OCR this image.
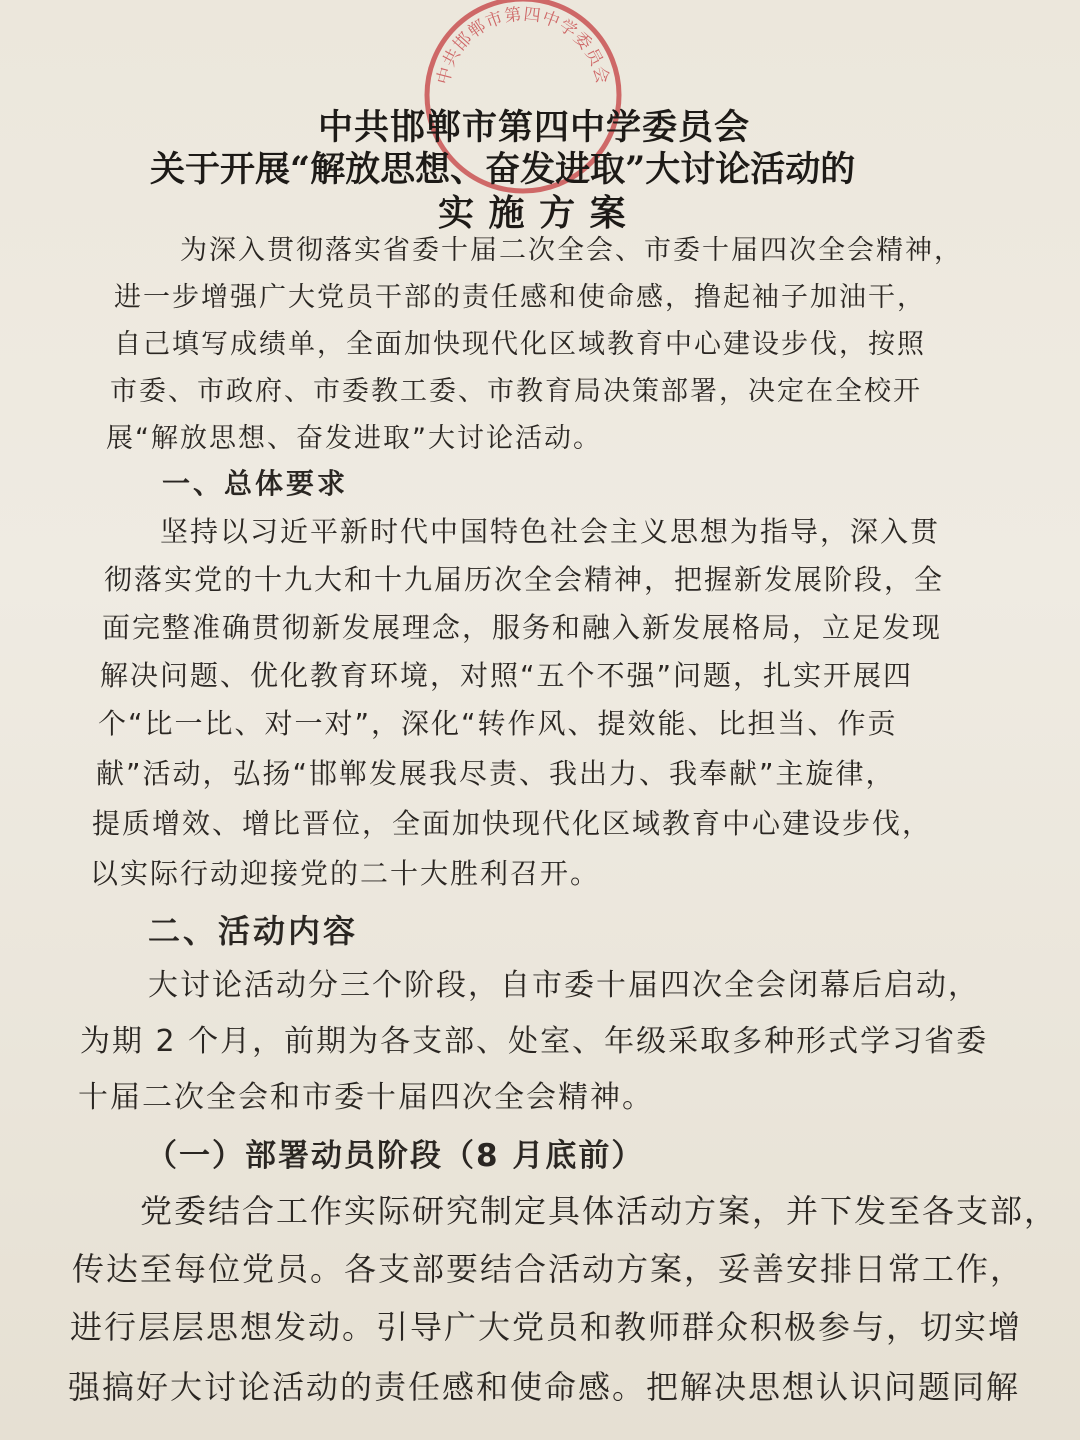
中共邯郸市第四中学委员会

中共邯郸市第四中学委员会

关于开展“解放思想、奋发进取”大讨论活动的

实 施 方 案

为深入贯彻落实省委十届二次全会、市委十届四次全会精神，

进一步增强广大党员干部的责任感和使命感，撸起袖子加油干，

自己填写成绩单，全面加快现代化区域教育中心建设步伐，按照

市委、市政府、市委教工委、市教育局决策部署，决定在全校开

展“解放思想、奋发进取”大讨论活动。

一、总体要求

坚持以习近平新时代中国特色社会主义思想为指导，深入贯

彻落实党的十九大和十九届历次全会精神，把握新发展阶段，全

面完整准确贯彻新发展理念，服务和融入新发展格局，立足发现

解决问题、优化教育环境，对照“五个不强”问题，扎实开展四

个“比一比、对一对”，深化“转作风、提效能、比担当、作贡

献”活动，弘扬“邯郸发展我尽责、我出力、我奉献”主旋律，

提质增效、增比晋位，全面加快现代化区域教育中心建设步伐，

以实际行动迎接党的二十大胜利召开。

二、活动内容

大讨论活动分三个阶段，自市委十届四次全会闭幕后启动，

为期 2 个月，前期为各支部、处室、年级采取多种形式学习省委

十届二次全会和市委十届四次全会精神。

（一）部署动员阶段（8 月底前）

党委结合工作实际研究制定具体活动方案，并下发至各支部，

传达至每位党员。各支部要结合活动方案，妥善安排日常工作，

进行层层思想发动。引导广大党员和教师群众积极参与，切实增

强搞好大讨论活动的责任感和使命感。把解决思想认识问题同解
